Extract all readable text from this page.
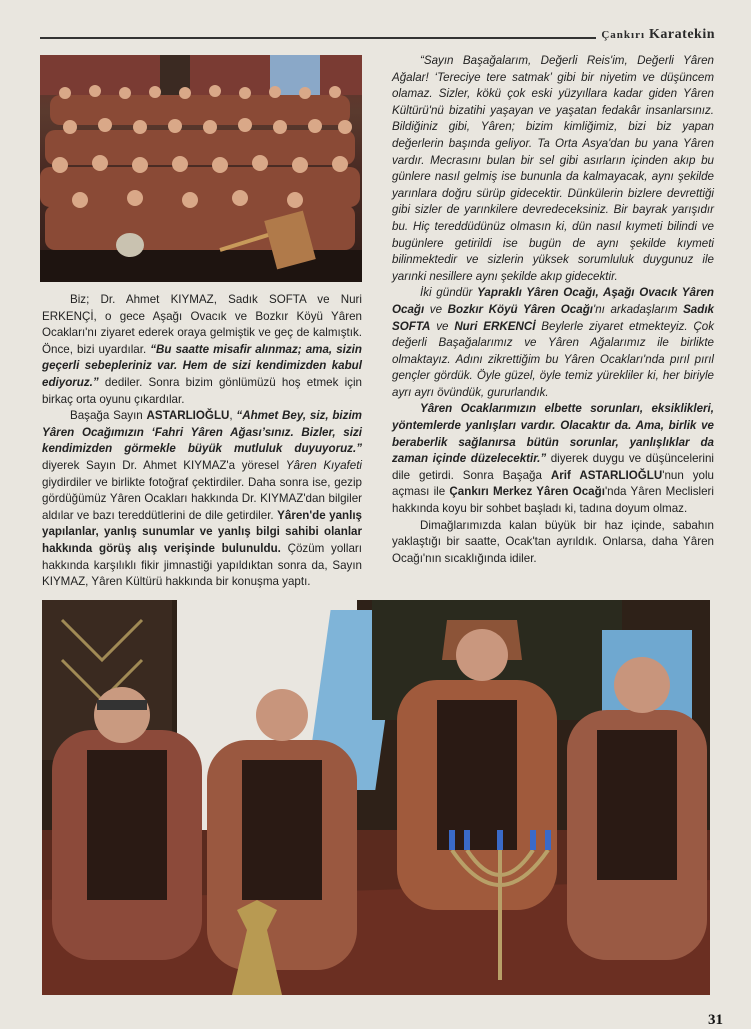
Çankırı Karatekin

Biz; Dr. Ahmet KIYMAZ, Sadık SOFTA ve Nuri ERKENÇİ, o gece Aşağı Ovacık ve Bozkır Köyü Yâren Ocakları'nı ziyaret ederek oraya gelmiştik ve geç de kalmıştık. Önce, bizi uyardılar. “Bu saatte misafir alınmaz; ama, sizin geçerli sebepleriniz var. Hem de sizi kendimizden kabul ediyoruz.” dediler. Sonra bizim gönlümüzü hoş etmek için birkaç orta oyunu çıkardılar.

Başağa Sayın ASTARLIOĞLU, “Ahmet Bey, siz, bizim Yâren Ocağımızın ‘Fahri Yâren Ağası’sınız. Bizler, sizi kendimizden görmekle büyük mutluluk duyuyoruz.” diyerek Sayın Dr. Ahmet KIYMAZ'a yöresel Yâren Kıyafeti giydirdiler ve birlikte fotoğraf çektirdiler. Daha sonra ise, gezip gördüğümüz Yâren Ocakları hakkında Dr. KIYMAZ'dan bilgiler aldılar ve bazı tereddütlerini de dile getirdiler. Yâren'de yanlış yapılanlar, yanlış sunumlar ve yanlış bilgi sahibi olanlar hakkında görüş alış verişinde bulunuldu. Çözüm yolları hakkında karşılıklı fikir jimnastiği yapıldıktan sonra da, Sayın KIYMAZ, Yâren Kültürü hakkında bir konuşma yaptı.

“Sayın Başağalarım, Değerli Reis'im, Değerli Yâren Ağalar! ‘Tereciye tere satmak’ gibi bir niyetim ve düşüncem olamaz. Sizler, kökü çok eski yüzyıllara kadar giden Yâren Kültürü'nü bizatihi yaşayan ve yaşatan fedakâr insanlarsınız. Bildiğiniz gibi, Yâren; bizim kimliğimiz, bizi biz yapan değerlerin başında geliyor. Ta Orta Asya'dan bu yana Yâren vardır. Mecrasını bulan bir sel gibi asırların içinden akıp bu günlere nasıl gelmiş ise bununla da kalmayacak, aynı şekilde yarınlara doğru sürüp gidecektir. Dünkülerin bizlere devrettiği gibi sizler de yarınkilere devredeceksiniz. Bir bayrak yarışıdır bu. Hiç tereddüdünüz olmasın ki, dün nasıl kıymeti bilindi ve bugünlere getirildi ise bugün de aynı şekilde kıymeti bilinmektedir ve sizlerin yüksek sorumluluk duygunuz ile yarınki nesillere aynı şekilde akıp gidecektir.

İki gündür Yapraklı Yâren Ocağı, Aşağı Ovacık Yâren Ocağı ve Bozkır Köyü Yâren Ocağı'nı arkadaşlarım Sadık SOFTA ve Nuri ERKENCİ Beylerle ziyaret etmekteyiz. Çok değerli Başağalarımız ve Yâren Ağalarımız ile birlikte olmaktayız. Adını zikrettiğim bu Yâren Ocakları'nda pırıl pırıl gençler gördük. Öyle güzel, öyle temiz yürekliler ki, her biriyle ayrı ayrı övündük, gururlandık.

Yâren Ocaklarımızın elbette sorunları, eksiklikleri, yöntemlerde yanlışları vardır. Olacaktır da. Ama, birlik ve beraberlik sağlanırsa bütün sorunlar, yanlışlıklar da zaman içinde düzelecektir.” diyerek duygu ve düşüncelerini dile getirdi. Sonra Başağa Arif ASTARLIOĞLU'nun yolu açması ile Çankırı Merkez Yâren Ocağı'nda Yâren Meclisleri hakkında koyu bir sohbet başladı ki, tadına doyum olmaz.

Dimağlarımızda kalan büyük bir haz içinde, sabahın yaklaştığı bir saatte, Ocak'tan ayrıldık. Onlarsa, daha Yâren Ocağı'nın sıcaklığında idiler.

31
